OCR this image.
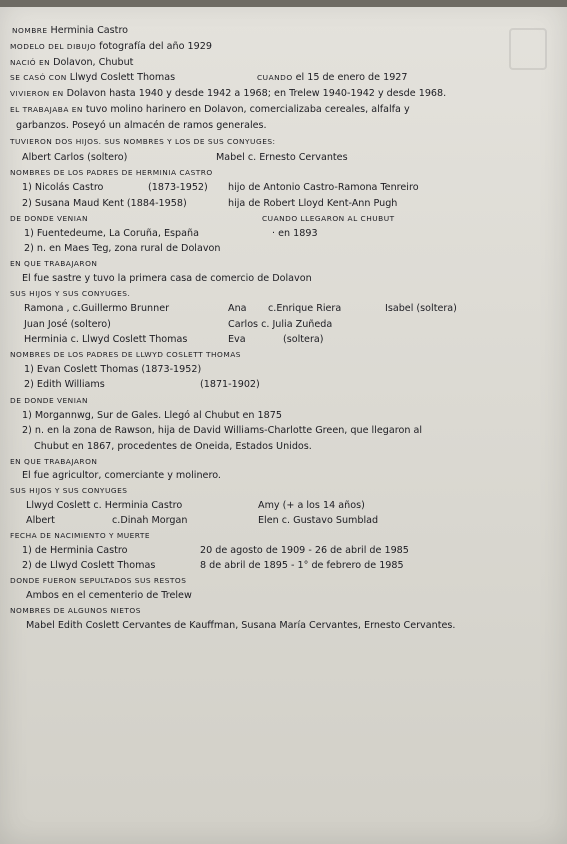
NOMBRE Herminia Castro
MODELO DEL DIBUJO fotografía del año 1929
NACIÓ EN Dolavon, Chubut
SE CASÓ CON Llwyd Coslett Thomas	CUANDO el 15 de enero de 1927
VIVIERON EN Dolavon hasta 1940 y desde 1942 a 1968; en Trelew 1940-1942 y desde 1968.
EL TRABAJABA EN tuvo molino harinero en Dolavon, comercializaba cereales, alfalfa y
garbanzos. Poseyó un almacén de ramos generales.
TUVIERON DOS HIJOS. SUS NOMBRES Y LOS DE SUS CONYUGES:
Albert Carlos (soltero)	Mabel c. Ernesto Cervantes
NOMBRES DE LOS PADRES DE HERMINIA CASTRO
1) Nicolás Castro	(1873-1952) hijo de Antonio Castro-Ramona Tenreiro
2) Susana Maud Kent (1884-1958)	hija de Robert Lloyd Kent-Ann Pugh
DE DONDE VENIAN	CUANDO LLEGARON AL CHUBUT
1) Fuentedeume, La Coruña, España	· en 1893
2) n. en Maes Teg, zona rural de Dolavon
EN QUE TRABAJARON
El fue sastre y tuvo la primera casa de comercio de Dolavon
SUS HIJOS Y SUS CONYUGES.
Ramona , c.Guillermo Brunner	Ana c.Enrique Riera	Isabel (soltera)
Juan José (soltero)	Carlos c. Julia Zuñeda
Herminia c. Llwyd Coslett Thomas	Eva	(soltera)
NOMBRES DE LOS PADRES DE LLWYD COSLETT THOMAS
1) Evan Coslett Thomas (1873-1952)
2) Edith Williams	(1871-1902)
DE DONDE VENIAN
1) Morgannwg, Sur de Gales. Llegó al Chubut en 1875
2) n. en la zona de Rawson, hija de David Williams-Charlotte Green, que llegaron al
Chubut en 1867, procedentes de Oneida, Estados Unidos.
EN QUE TRABAJARON
El fue agricultor, comerciante y molinero.
SUS HIJOS Y SUS CONYUGES
Llwyd Coslett c. Herminia Castro	Amy (+ a los 14 años)
Albert	c.Dinah Morgan	Elen c. Gustavo Sumblad
FECHA DE NACIMIENTO Y MUERTE
1) de Herminia Castro	20 de agosto de 1909 - 26 de abril de 1985
2) de Llwyd Coslett Thomas	8 de abril de 1895 - 1° de febrero de 1985
DONDE FUERON SEPULTADOS SUS RESTOS
Ambos en el cementerio de Trelew
NOMBRES DE ALGUNOS NIETOS
Mabel Edith Coslett Cervantes de Kauffman, Susana María Cervantes, Ernesto Cervantes.
